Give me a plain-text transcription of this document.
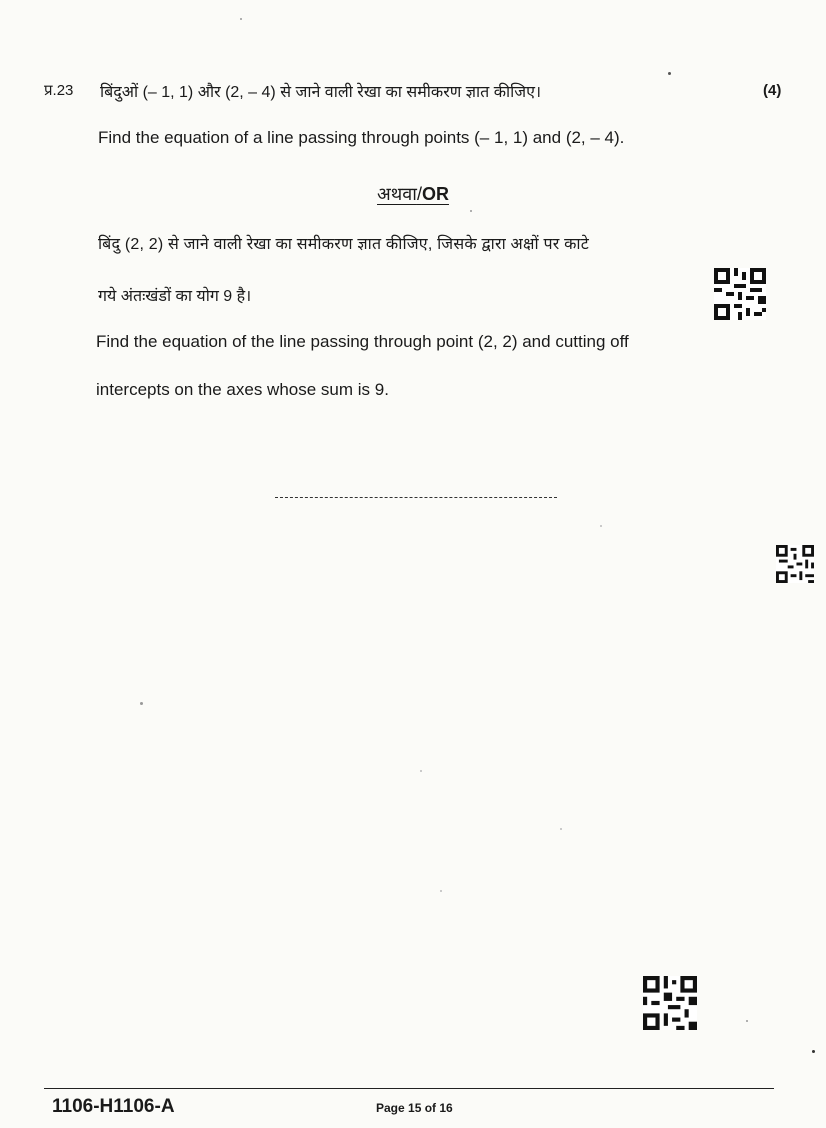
प्र.23 बिंदुओं (– 1, 1) और (2, – 4) से जाने वाली रेखा का समीकरण ज्ञात कीजिए।	(4)
Find the equation of a line passing through points (– 1, 1) and (2, – 4).
अथवा/OR
बिंदु (2, 2) से जाने वाली रेखा का समीकरण ज्ञात कीजिए, जिसके द्वारा अक्षों पर काटे
गये अंतःखंडों का योग 9 है।
Find the equation of the line passing through point (2, 2) and cutting off
intercepts on the axes whose sum is 9.
1106-H1106-A	Page 15 of 16
